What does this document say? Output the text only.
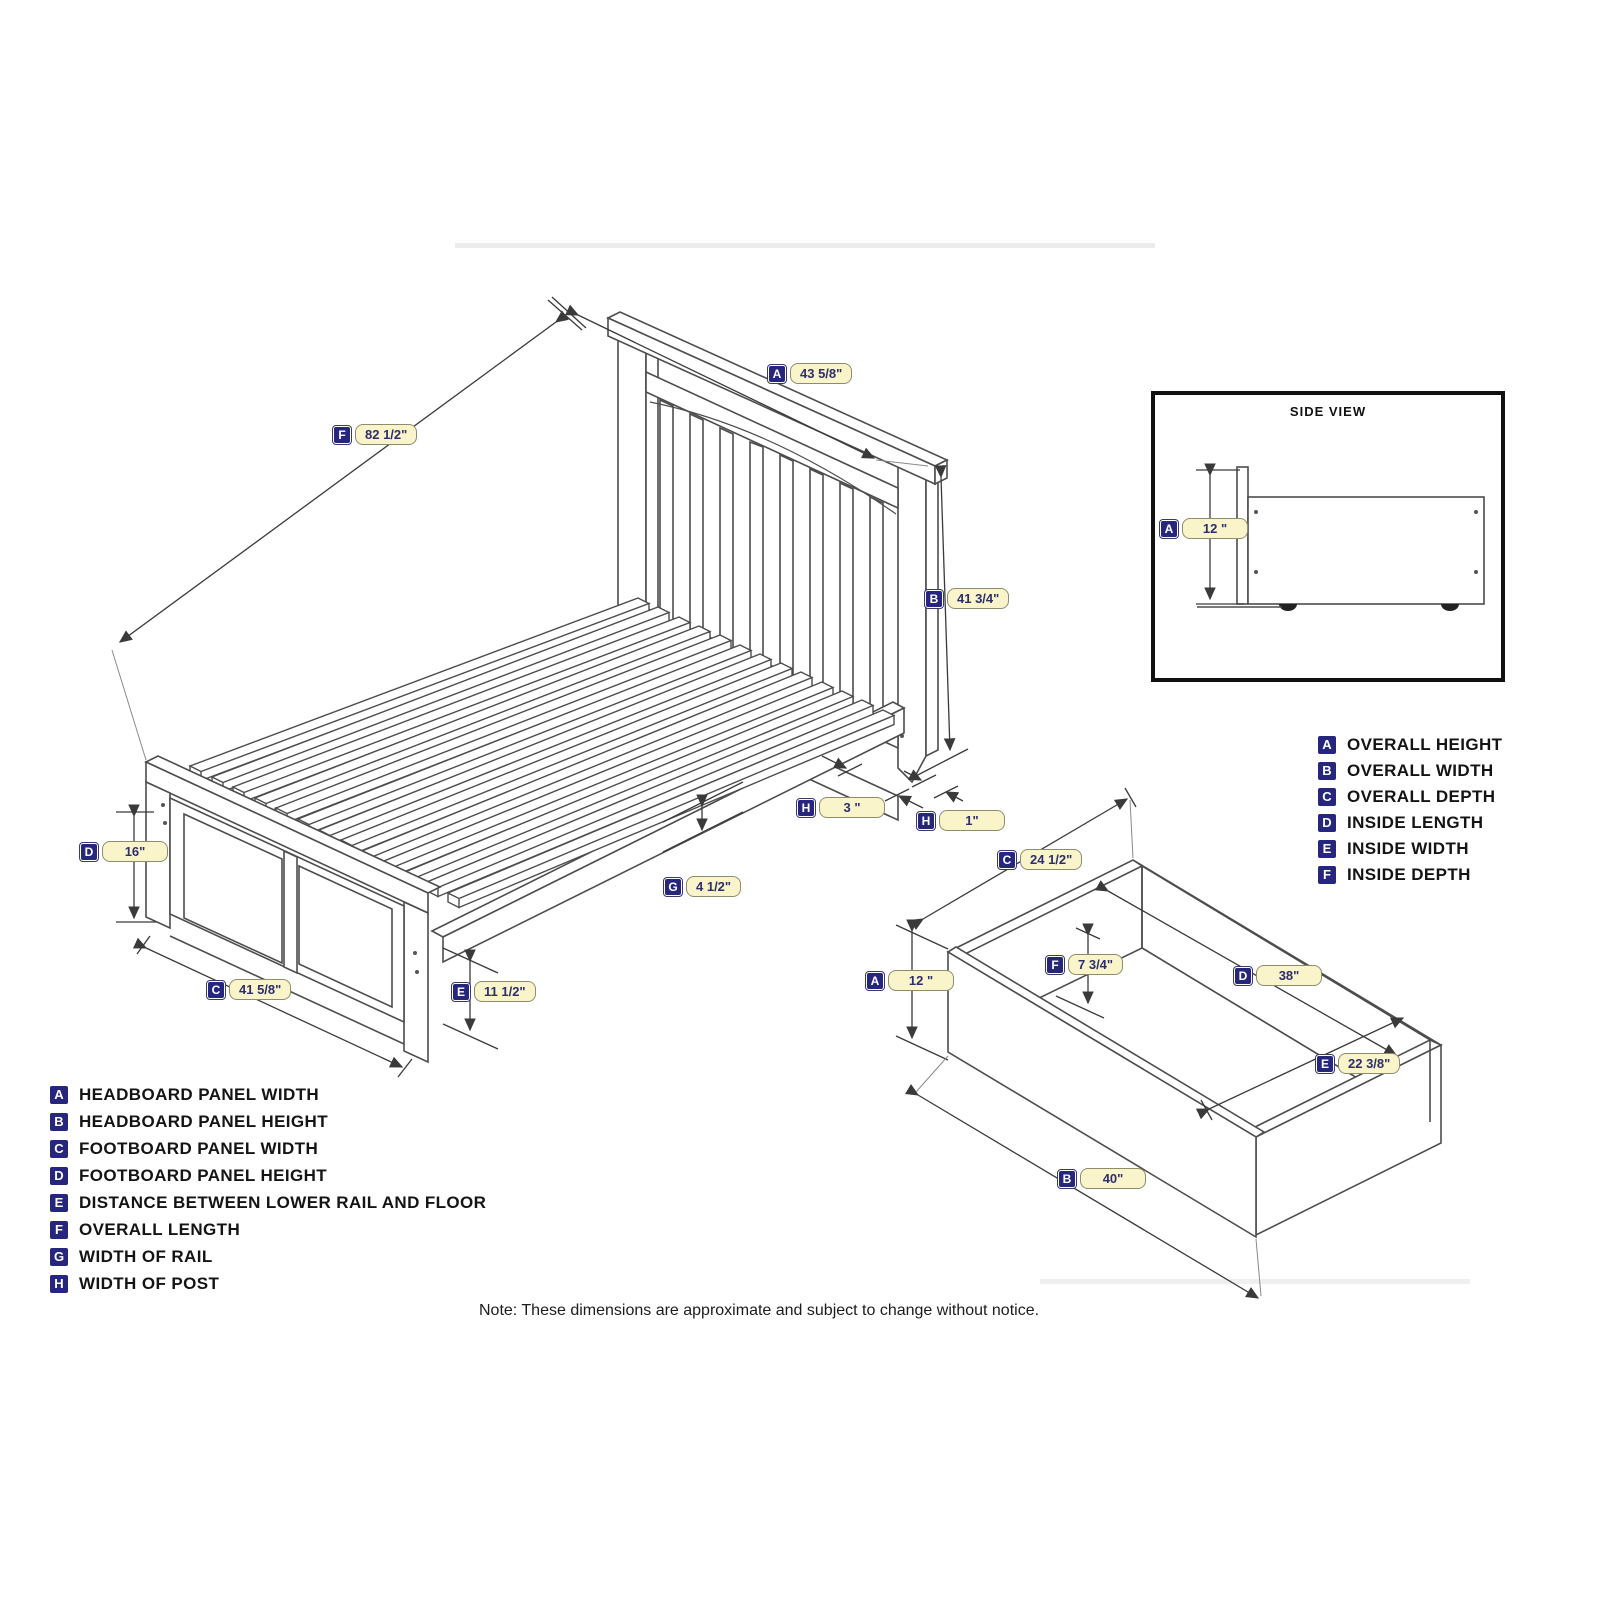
SIDE VIEW
F	82 1/2"
A	43 5/8"
B	41 3/4"
D	16"
C	41 5/8"	E	11 1/2"
G	4 1/2"
H	3 "
H	1"
C	24 1/2"
A	12 "
F	7 3/4"
D	38"
E	22 3/8"
B	40"
A	12 "
A OVERALL HEIGHT
B OVERALL WIDTH
C OVERALL DEPTH
D INSIDE LENGTH
E INSIDE WIDTH
F INSIDE DEPTH
A HEADBOARD PANEL WIDTH
B HEADBOARD PANEL HEIGHT
C FOOTBOARD PANEL WIDTH
D FOOTBOARD PANEL HEIGHT
E DISTANCE BETWEEN LOWER RAIL AND FLOOR
F OVERALL LENGTH
G WIDTH OF RAIL
H WIDTH OF POST
Note: These dimensions are approximate and subject to change without notice.
